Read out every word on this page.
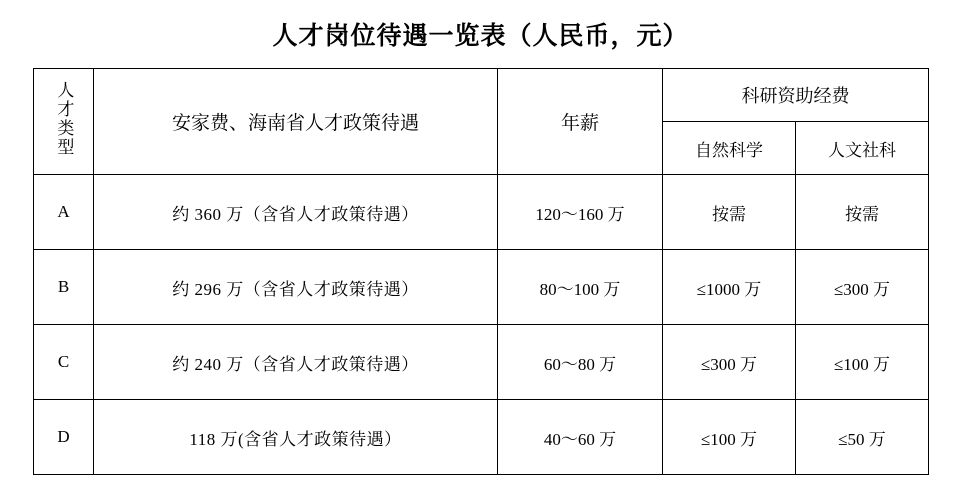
人才岗位待遇一览表（人民币，元）
人才类型	安家费、海南省人才政策待遇	年薪	科研资助经费	
			自然科学	人文社科
A	约 360 万（含省人才政策待遇）	120～160 万	按需	按需
B	约 296 万（含省人才政策待遇）	80～100 万	≤1000 万	≤300 万
C	约 240 万（含省人才政策待遇）	60～80 万	≤300 万	≤100 万
D	118 万(含省人才政策待遇）	40～60 万	≤100 万	≤50 万
